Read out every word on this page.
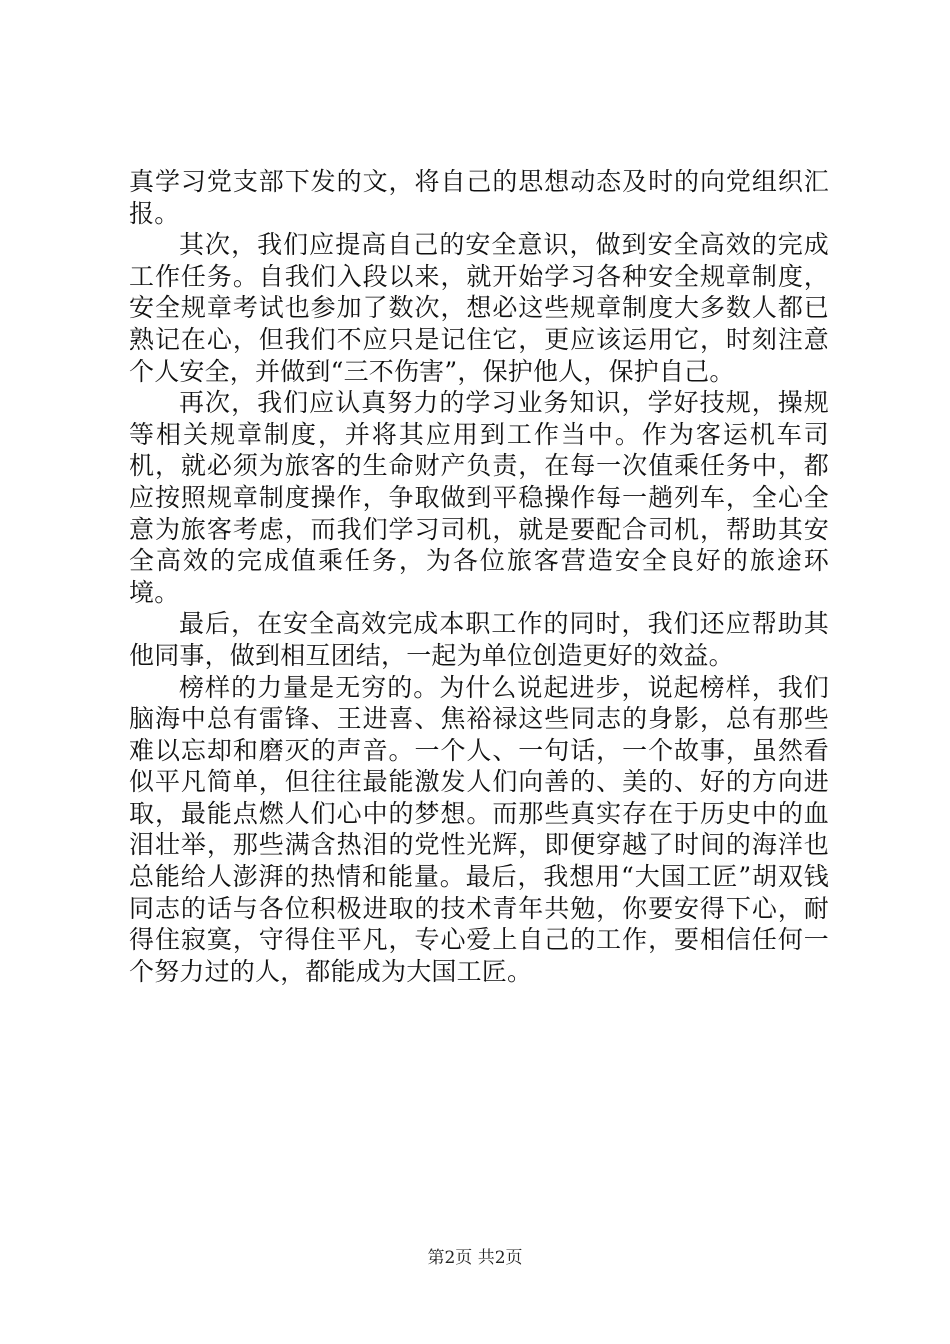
真学习党支部下发的文，将自己的思想动态及时的向党组织汇报。

其次，我们应提高自己的安全意识，做到安全高效的完成工作任务。自我们入段以来，就开始学习各种安全规章制度，安全规章考试也参加了数次，想必这些规章制度大多数人都已熟记在心，但我们不应只是记住它，更应该运用它，时刻注意个人安全，并做到“三不伤害”，保护他人，保护自己。

再次，我们应认真努力的学习业务知识，学好技规，操规等相关规章制度，并将其应用到工作当中。作为客运机车司机，就必须为旅客的生命财产负责，在每一次值乘任务中，都应按照规章制度操作，争取做到平稳操作每一趟列车，全心全意为旅客考虑，而我们学习司机，就是要配合司机，帮助其安全高效的完成值乘任务，为各位旅客营造安全良好的旅途环境。

最后，在安全高效完成本职工作的同时，我们还应帮助其他同事，做到相互团结，一起为单位创造更好的效益。

榜样的力量是无穷的。为什么说起进步，说起榜样，我们脑海中总有雷锋、王进喜、焦裕禄这些同志的身影，总有那些难以忘却和磨灭的声音。一个人、一句话，一个故事，虽然看似平凡简单，但往往最能激发人们向善的、美的、好的方向进取，最能点燃人们心中的梦想。而那些真实存在于历史中的血泪壮举，那些满含热泪的党性光辉，即便穿越了时间的海洋也总能给人澎湃的热情和能量。最后，我想用“大国工匠”胡双钱同志的话与各位积极进取的技术青年共勉，你要安得下心，耐得住寂寞，守得住平凡，专心爱上自己的工作，要相信任何一个努力过的人，都能成为大国工匠。

第2页 共2页
